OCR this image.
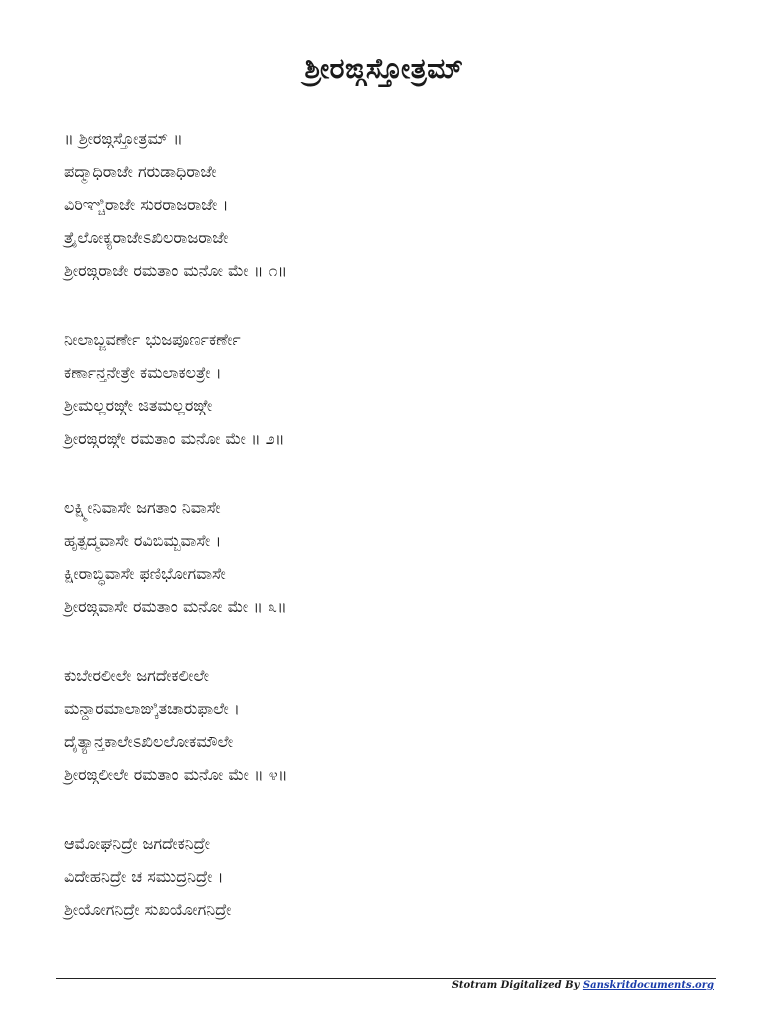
ಶ್ರೀರಙ್ಗಸ್ತೋತ್ರಮ್
॥ ಶ್ರೀರಙ್ಗಸ್ತೋತ್ರಮ್ ॥
ಪದ್ಮಾಧಿರಾಜೇ ಗರುಡಾಧಿರಾಜೇ
ವಿರಿಞ್ಚಿರಾಜೇ ಸುರರಾಜರಾಜೇ ।
ತ್ರೈಲೋಕ್ಯರಾಜೇಽಖಿಲರಾಜರಾಜೇ
ಶ್ರೀರಙ್ಗರಾಜೇ ರಮತಾಂ ಮನೋ ಮೇ ॥ ೧॥
ನೀಲಾಬ್ಜವರ್ಣೇ ಭುಜಪೂರ್ಣಕರ್ಣೇ
ಕರ್ಣಾನ್ತನೇತ್ರೇ ಕಮಲಾಕಲತ್ರೇ ।
ಶ್ರೀಮಲ್ಲರಙ್ಗೇ ಜಿತಮಲ್ಲರಙ್ಗೇ
ಶ್ರೀರಙ್ಗರಙ್ಗೇ ರಮತಾಂ ಮನೋ ಮೇ ॥ ೨॥
ಲಕ್ಷ್ಮೀನಿವಾಸೇ ಜಗತಾಂ ನಿವಾಸೇ
ಹೃತ್ಪದ್ಮವಾಸೇ ರವಿಬಿಮ್ಬವಾಸೇ ।
ಕ್ಷೀರಾಬ್ಧಿವಾಸೇ ಫಣಿಭೋಗವಾಸೇ
ಶ್ರೀರಙ್ಗವಾಸೇ ರಮತಾಂ ಮನೋ ಮೇ ॥ ೩॥
ಕುಬೇರಲೀಲೇ ಜಗದೇಕಲೀಲೇ
ಮನ್ದಾರಮಾಲಾಙ್ಕಿತಚಾರುಫಾಲೇ ।
ದೈತ್ಯಾನ್ತಕಾಲೇಽಖಿಲಲೋಕಮೌಲೇ
ಶ್ರೀರಙ್ಗಲೀಲೇ ರಮತಾಂ ಮನೋ ಮೇ ॥ ೪॥
ಆಮೋಘನಿದ್ರೇ ಜಗದೇಕನಿದ್ರೇ
ವಿದೇಹನಿದ್ರೇ ಚ ಸಮುದ್ರನಿದ್ರೇ ।
ಶ್ರೀಯೋಗನಿದ್ರೇ ಸುಖಯೋಗನಿದ್ರೇ
Stotram Digitalized By Sanskritdocuments.org
